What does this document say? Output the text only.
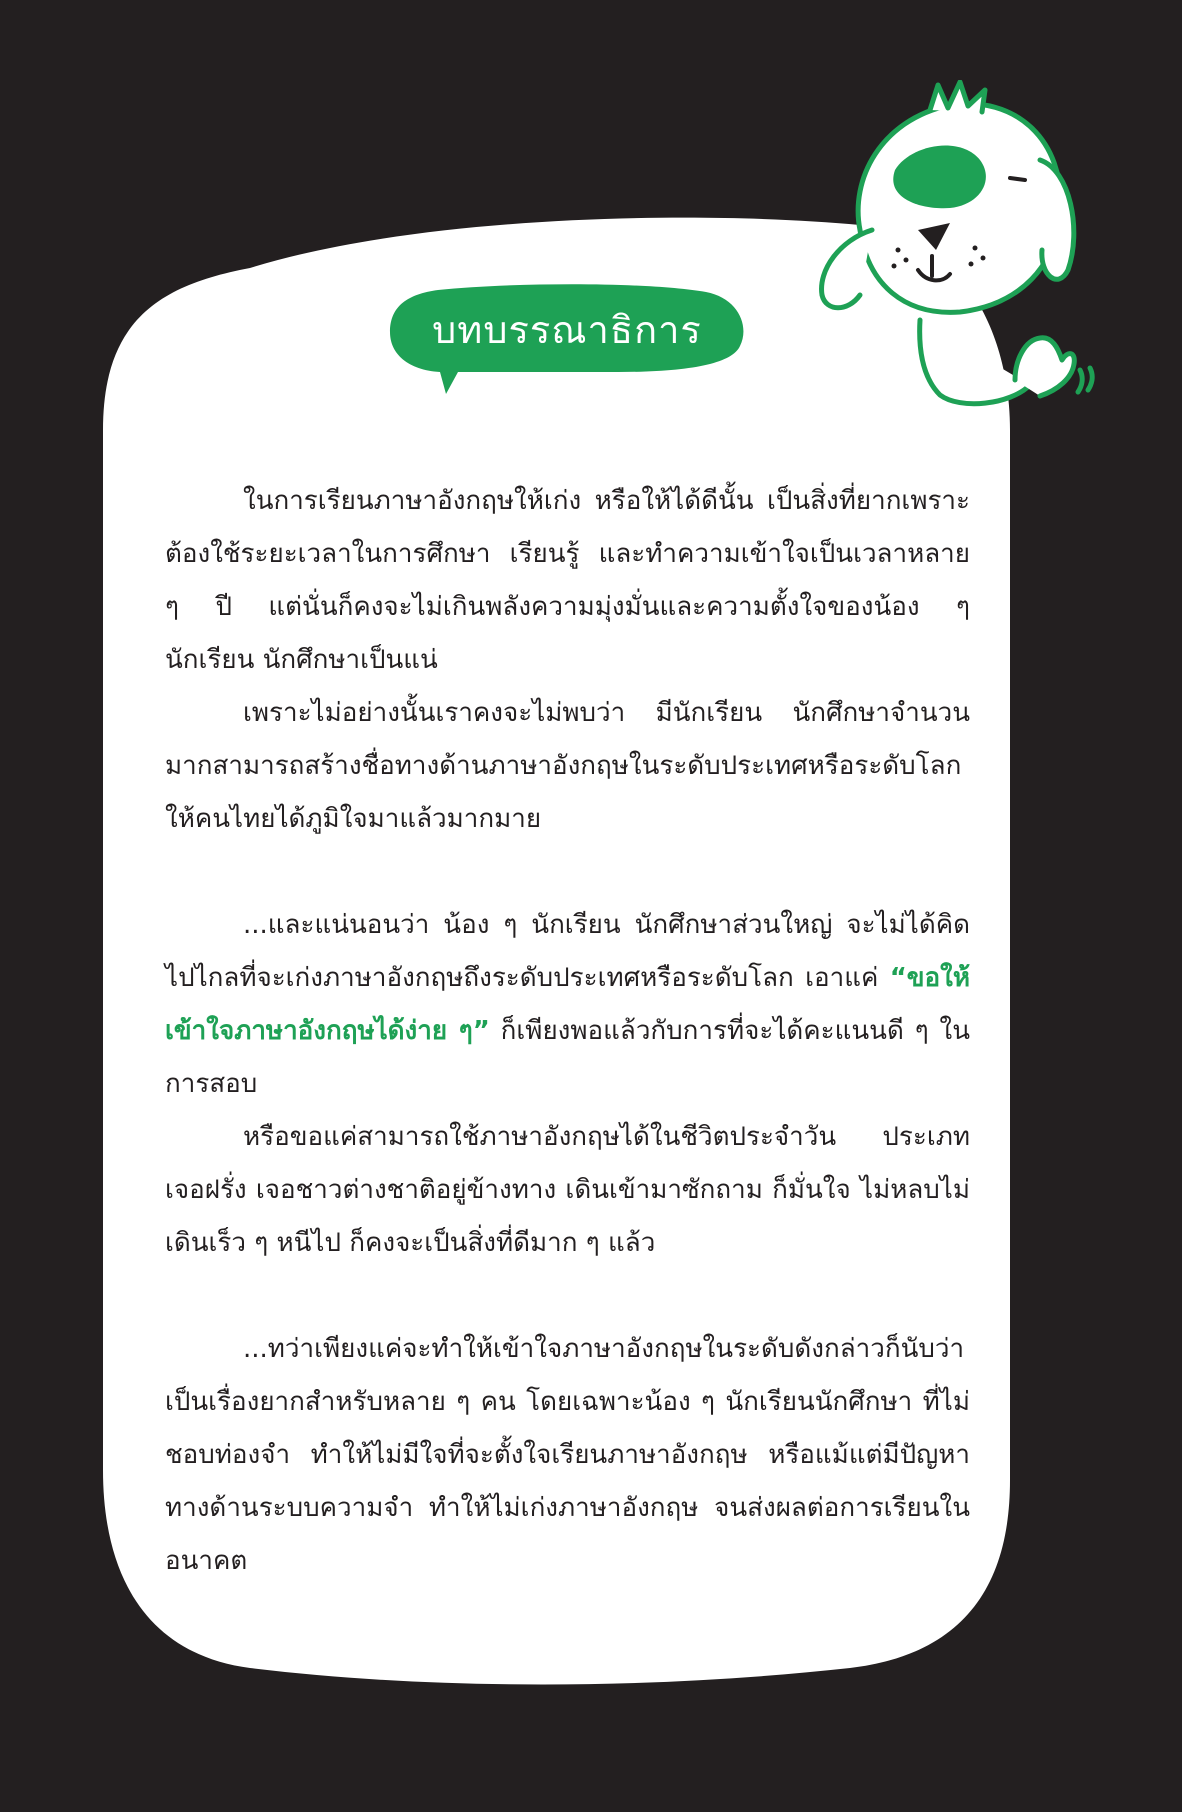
บทบรรณาธิการ

ในการเรียนภาษาอังกฤษให้เก่ง หรือให้ได้ดีนั้น เป็นสิ่งที่ยากเพราะต้องใช้ระยะเวลาในการศึกษา เรียนรู้ และทำความเข้าใจเป็นเวลาหลาย ๆ ปี แต่นั่นก็คงจะไม่เกินพลังความมุ่งมั่นและความตั้งใจของน้อง ๆ นักเรียน นักศึกษาเป็นแน่

เพราะไม่อย่างนั้นเราคงจะไม่พบว่า มีนักเรียน นักศึกษาจำนวนมากสามารถสร้างชื่อทางด้านภาษาอังกฤษในระดับประเทศหรือระดับโลกให้คนไทยได้ภูมิใจมาแล้วมากมาย

...และแน่นอนว่า น้อง ๆ นักเรียน นักศึกษาส่วนใหญ่ จะไม่ได้คิดไปไกลที่จะเก่งภาษาอังกฤษถึงระดับประเทศหรือระดับโลก เอาแค่ “ขอให้เข้าใจภาษาอังกฤษได้ง่าย ๆ” ก็เพียงพอแล้วกับการที่จะได้คะแนนดี ๆ ในการสอบ

หรือขอแค่สามารถใช้ภาษาอังกฤษได้ในชีวิตประจำวัน ประเภทเจอฝรั่ง เจอชาวต่างชาติอยู่ข้างทาง เดินเข้ามาซักถาม ก็มั่นใจ ไม่หลบไม่เดินเร็ว ๆ หนีไป ก็คงจะเป็นสิ่งที่ดีมาก ๆ แล้ว

...ทว่าเพียงแค่จะทำให้เข้าใจภาษาอังกฤษในระดับดังกล่าวก็นับว่าเป็นเรื่องยากสำหรับหลาย ๆ คน โดยเฉพาะน้อง ๆ นักเรียนนักศึกษา ที่ไม่ชอบท่องจำ ทำให้ไม่มีใจที่จะตั้งใจเรียนภาษาอังกฤษ หรือแม้แต่มีปัญหาทางด้านระบบความจำ ทำให้ไม่เก่งภาษาอังกฤษ จนส่งผลต่อการเรียนในอนาคต
